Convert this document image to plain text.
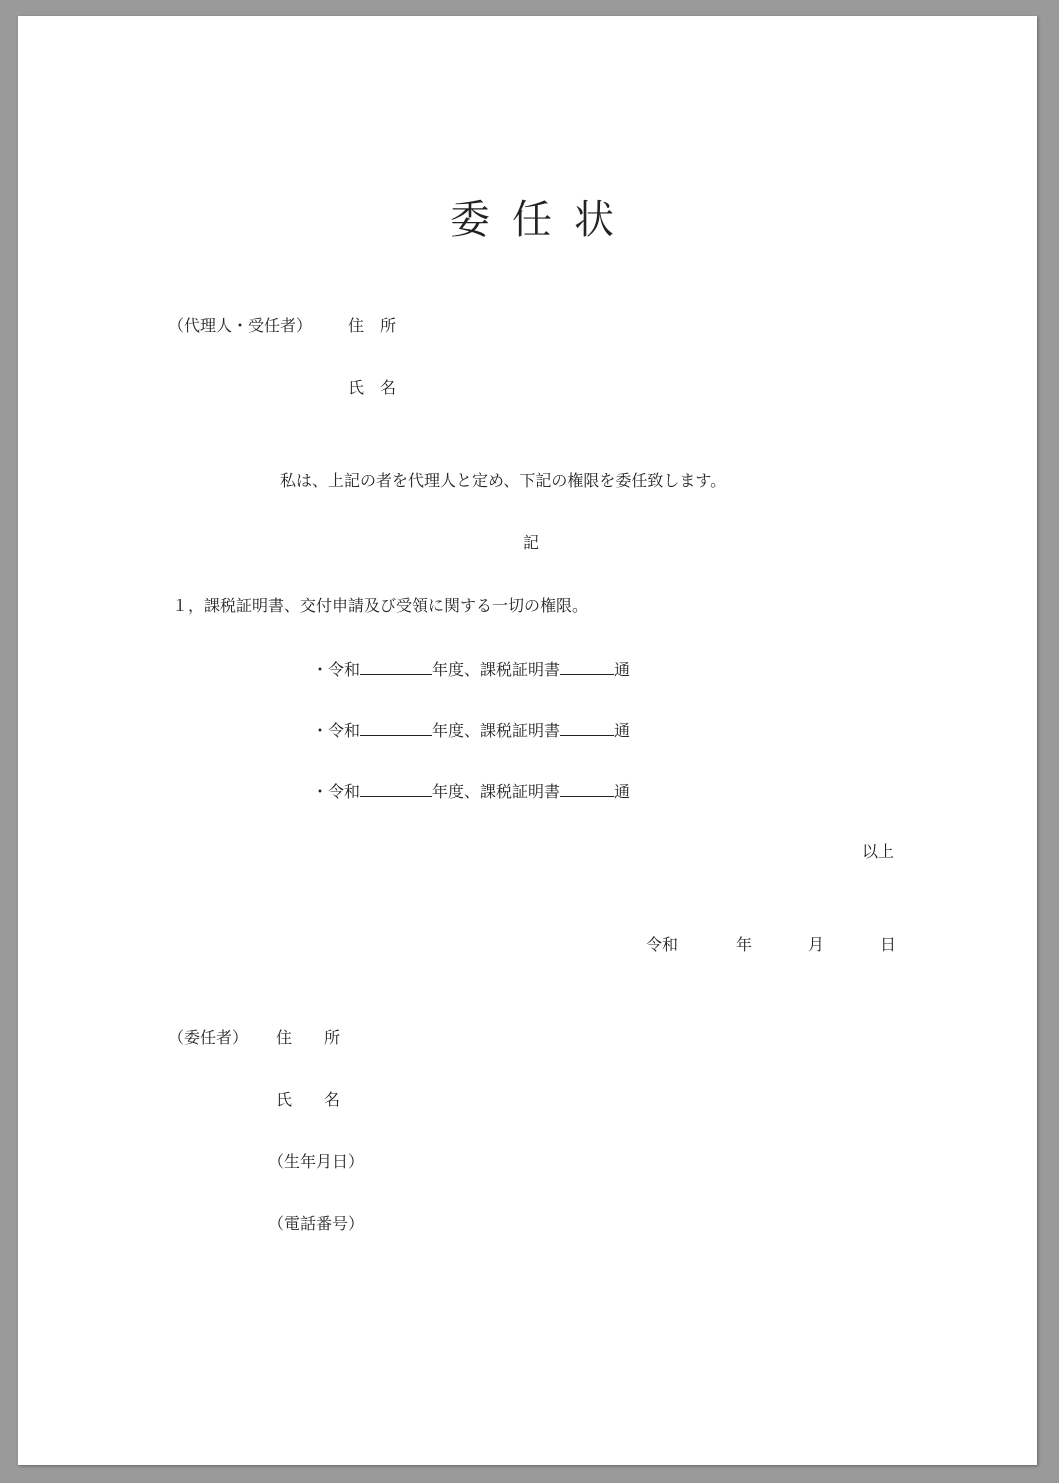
委任状
（代理人・受任者） 住　所
氏　名
私は、上記の者を代理人と定め、下記の権限を委任致します。
記
１，課税証明書、交付申請及び受領に関する一切の権限。
・令和	年度、課税証明書	通
・令和	年度、課税証明書	通
・令和	年度、課税証明書	通
以上
令和	年	月	日
（委任者） 住　　所
氏　　名
（生年月日）
（電話番号）
